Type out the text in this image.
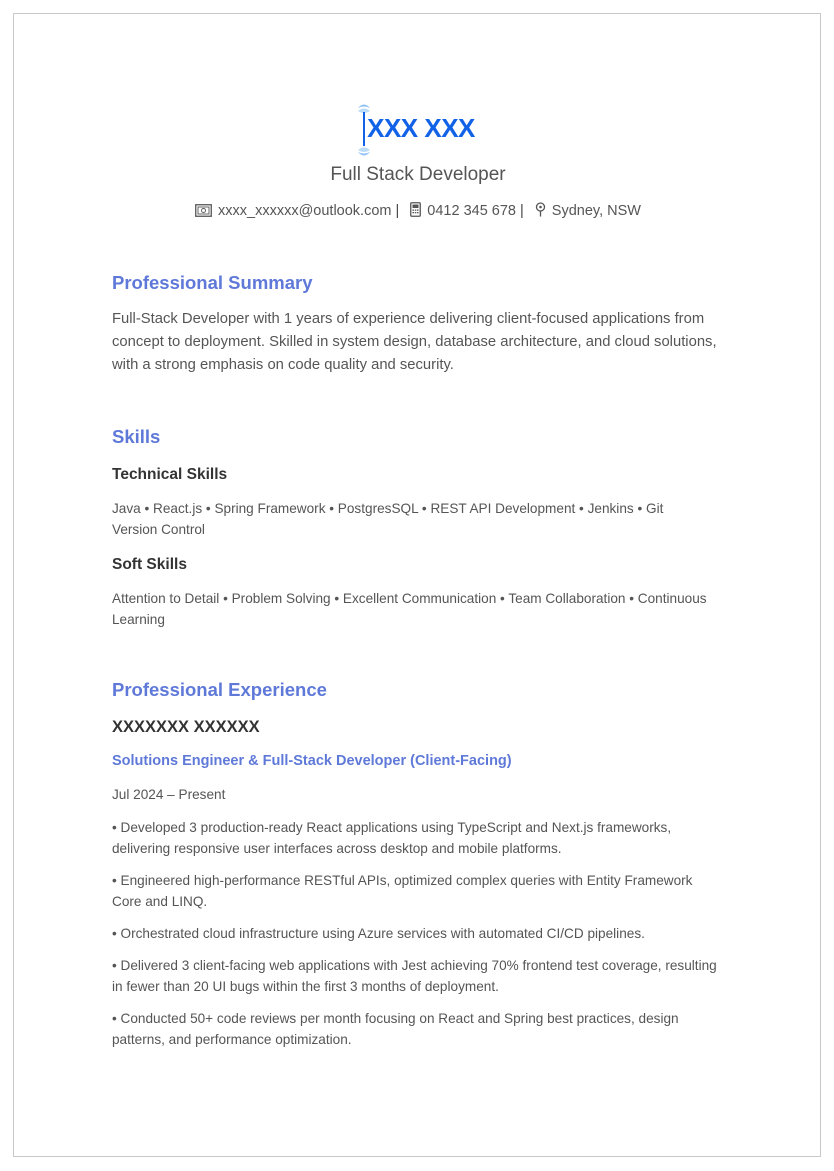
XXX XXX
Full Stack Developer
xxxx_xxxxxx@outlook.com | 0412 345 678 | Sydney, NSW
Professional Summary
Full-Stack Developer with 1 years of experience delivering client-focused applications from concept to deployment. Skilled in system design, database architecture, and cloud solutions, with a strong emphasis on code quality and security.
Skills
Technical Skills
Java • React.js • Spring Framework • PostgresSQL • REST API Development • Jenkins • Git Version Control
Soft Skills
Attention to Detail • Problem Solving • Excellent Communication • Team Collaboration • Continuous Learning
Professional Experience
XXXXXXX XXXXXX
Solutions Engineer & Full-Stack Developer (Client-Facing)
Jul 2024 – Present
• Developed 3 production-ready React applications using TypeScript and Next.js frameworks, delivering responsive user interfaces across desktop and mobile platforms.
• Engineered high-performance RESTful APIs, optimized complex queries with Entity Framework Core and LINQ.
• Orchestrated cloud infrastructure using Azure services with automated CI/CD pipelines.
• Delivered 3 client-facing web applications with Jest achieving 70% frontend test coverage, resulting in fewer than 20 UI bugs within the first 3 months of deployment.
• Conducted 50+ code reviews per month focusing on React and Spring best practices, design patterns, and performance optimization.
